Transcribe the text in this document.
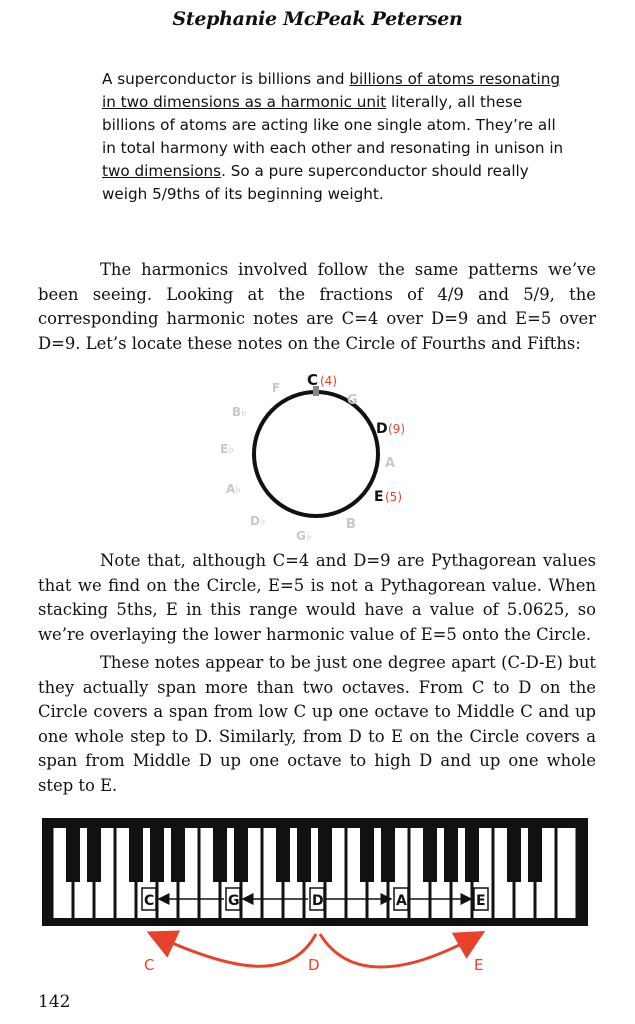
Stephanie McPeak Petersen
A superconductor is billions and billions of atoms resonating in two dimensions as a harmonic unit literally, all these billions of atoms are acting like one single atom. They’re all in total harmony with each other and resonating in unison in two dimensions. So a pure superconductor should really weigh 5/9ths of its beginning weight.

The harmonics involved follow the same patterns we’ve been seeing. Looking at the fractions of 4/9 and 5/9, the corresponding harmonic notes are C=4 over D=9 and E=5 over D=9. Let’s locate these notes on the Circle of Fourths and Fifths:

C (4)
D (9)
E (5)
G
A
B
G♭
D♭
A♭
E♭
B♭
F

Note that, although C=4 and D=9 are Pythagorean values that we find on the Circle, E=5 is not a Pythagorean value. When stacking 5ths, E in this range would have a value of 5.0625, so we’re overlaying the lower harmonic value of E=5 onto the Circle.

These notes appear to be just one degree apart (C-D-E) but they actually span more than two octaves. From C to D on the Circle covers a span from low C up one octave to Middle C and up one whole step to D. Similarly, from D to E on the Circle covers a span from Middle D up one octave to high D and up one whole step to E.

C	G	D	A	E
C	D	E
142
